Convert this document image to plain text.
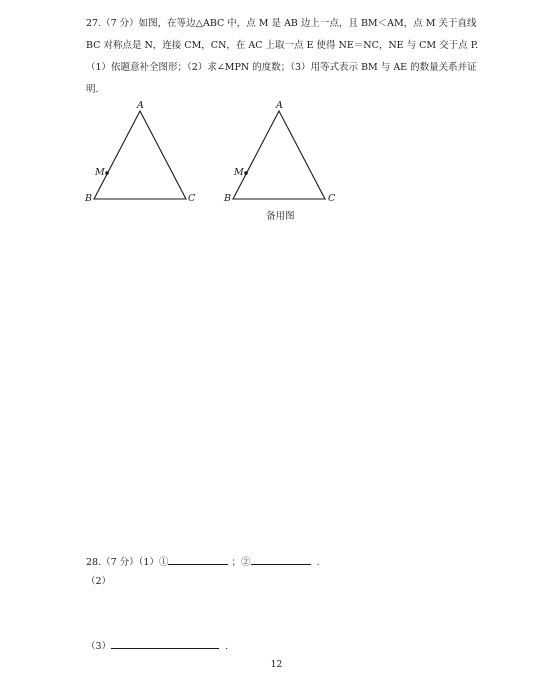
27.（7 分）如图，在等边△ABC 中，点 M 是 AB 边上一点，且 BM＜AM，点 M 关于直线
BC 对称点是 N，连接 CM，CN，在 AC 上取一点 E 使得 NE＝NC，NE 与 CM 交于点 P.
（1）依题意补全图形；（2）求∠MPN 的度数；（3）用等式表示 BM 与 AE 的数量关系并证
明.
A
M
B	C
A
M
B	C
备用图
28.（7 分）（1）①	；②	.
（2）
（3）	.
12
